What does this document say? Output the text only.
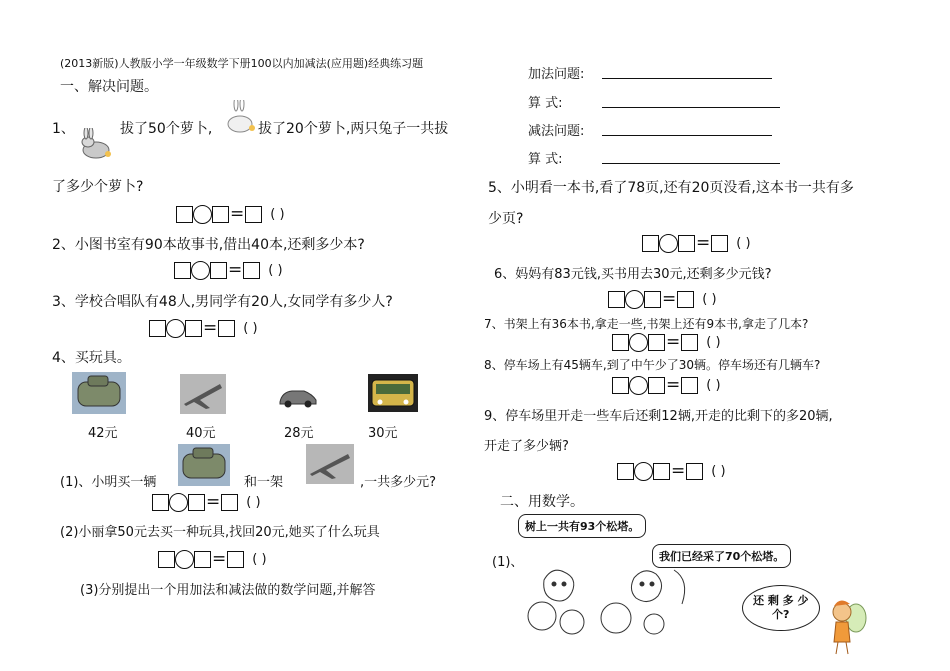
(2013新版)人教版小学一年级数学下册100以内加减法(应用题)经典练习题
一、解决问题。
1、	拔了50个萝卜,	拔了20个萝卜,两只兔子一共拔
了多少个萝卜?
= ( )
2、小图书室有90本故事书,借出40本,还剩多少本?
= ( )
3、学校合唱队有48人,男同学有20人,女同学有多少人?
= ( )
4、买玩具。
42元	40元	28元	30元
(1)、小明买一辆	和一架	,一共多少元?
= ( )
(2)小丽拿50元去买一种玩具,找回20元,她买了什么玩具
= ( )
(3)分别提出一个用加法和减法做的数学问题,并解答
加法问题:
算 式:
减法问题:
算 式:
5、小明看一本书,看了78页,还有20页没看,这本书一共有多
少页?
= ( )
6、妈妈有83元钱,买书用去30元,还剩多少元钱?
= ( )
7、书架上有36本书,拿走一些,书架上还有9本书,拿走了几本?
= ( )
8、停车场上有45辆车,到了中午少了30辆。停车场还有几辆车?
= ( )
9、停车场里开走一些车后还剩12辆,开走的比剩下的多20辆,
开走了多少辆?
= ( )
二、用数学。
树上一共有93个松塔。
(1)、	我们已经采了70个松塔。
还 剩 多 少
个?
